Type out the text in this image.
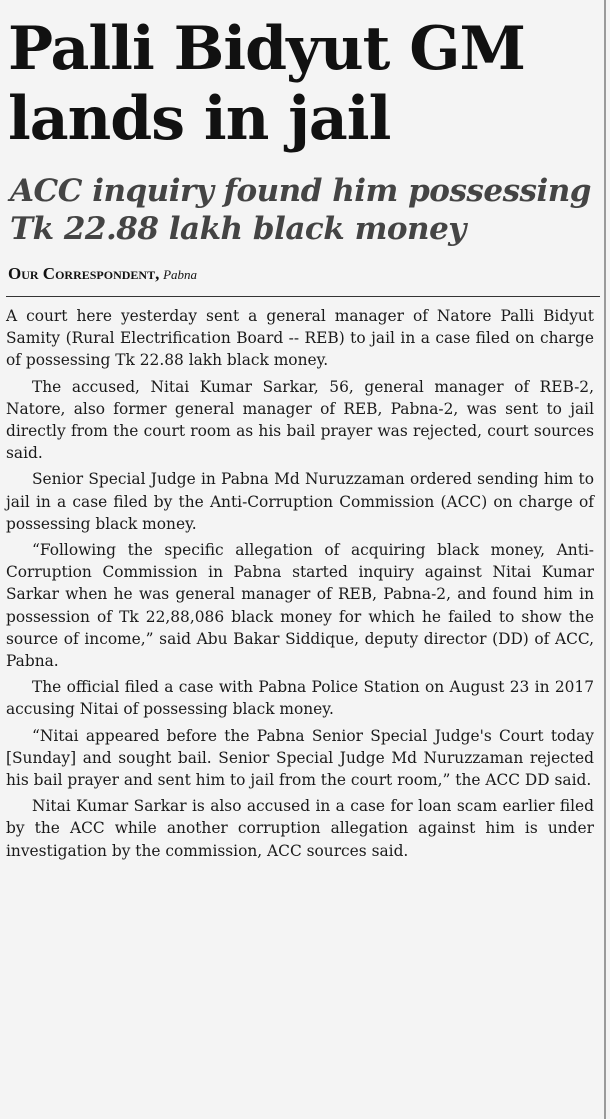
Palli Bidyut GM
lands in jail
ACC inquiry found him possessing
Tk 22.88 lakh black money
Our Correspondent, Pabna

A court here yesterday sent a general manager of Natore Palli Bidyut Samity (Rural Electrification Board -- REB) to jail in a case filed on charge of possessing Tk 22.88 lakh black money.

The accused, Nitai Kumar Sarkar, 56, general manager of REB-2, Natore, also former general manager of REB, Pabna-2, was sent to jail directly from the court room as his bail prayer was rejected, court sources said.

Senior Special Judge in Pabna Md Nuruzzaman ordered sending him to jail in a case filed by the Anti-Corruption Commission (ACC) on charge of possessing black money.

“Following the specific allegation of acquiring black money, Anti-Corruption Commission in Pabna started inquiry against Nitai Kumar Sarkar when he was general manager of REB, Pabna-2, and found him in possession of Tk 22,88,086 black money for which he failed to show the source of income,” said Abu Bakar Siddique, deputy director (DD) of ACC, Pabna.

The official filed a case with Pabna Police Station on August 23 in 2017 accusing Nitai of possessing black money.

“Nitai appeared before the Pabna Senior Special Judge's Court today [Sunday] and sought bail. Senior Special Judge Md Nuruzzaman rejected his bail prayer and sent him to jail from the court room,” the ACC DD said.

Nitai Kumar Sarkar is also accused in a case for loan scam earlier filed by the ACC while another corruption allegation against him is under investigation by the commission, ACC sources said.
